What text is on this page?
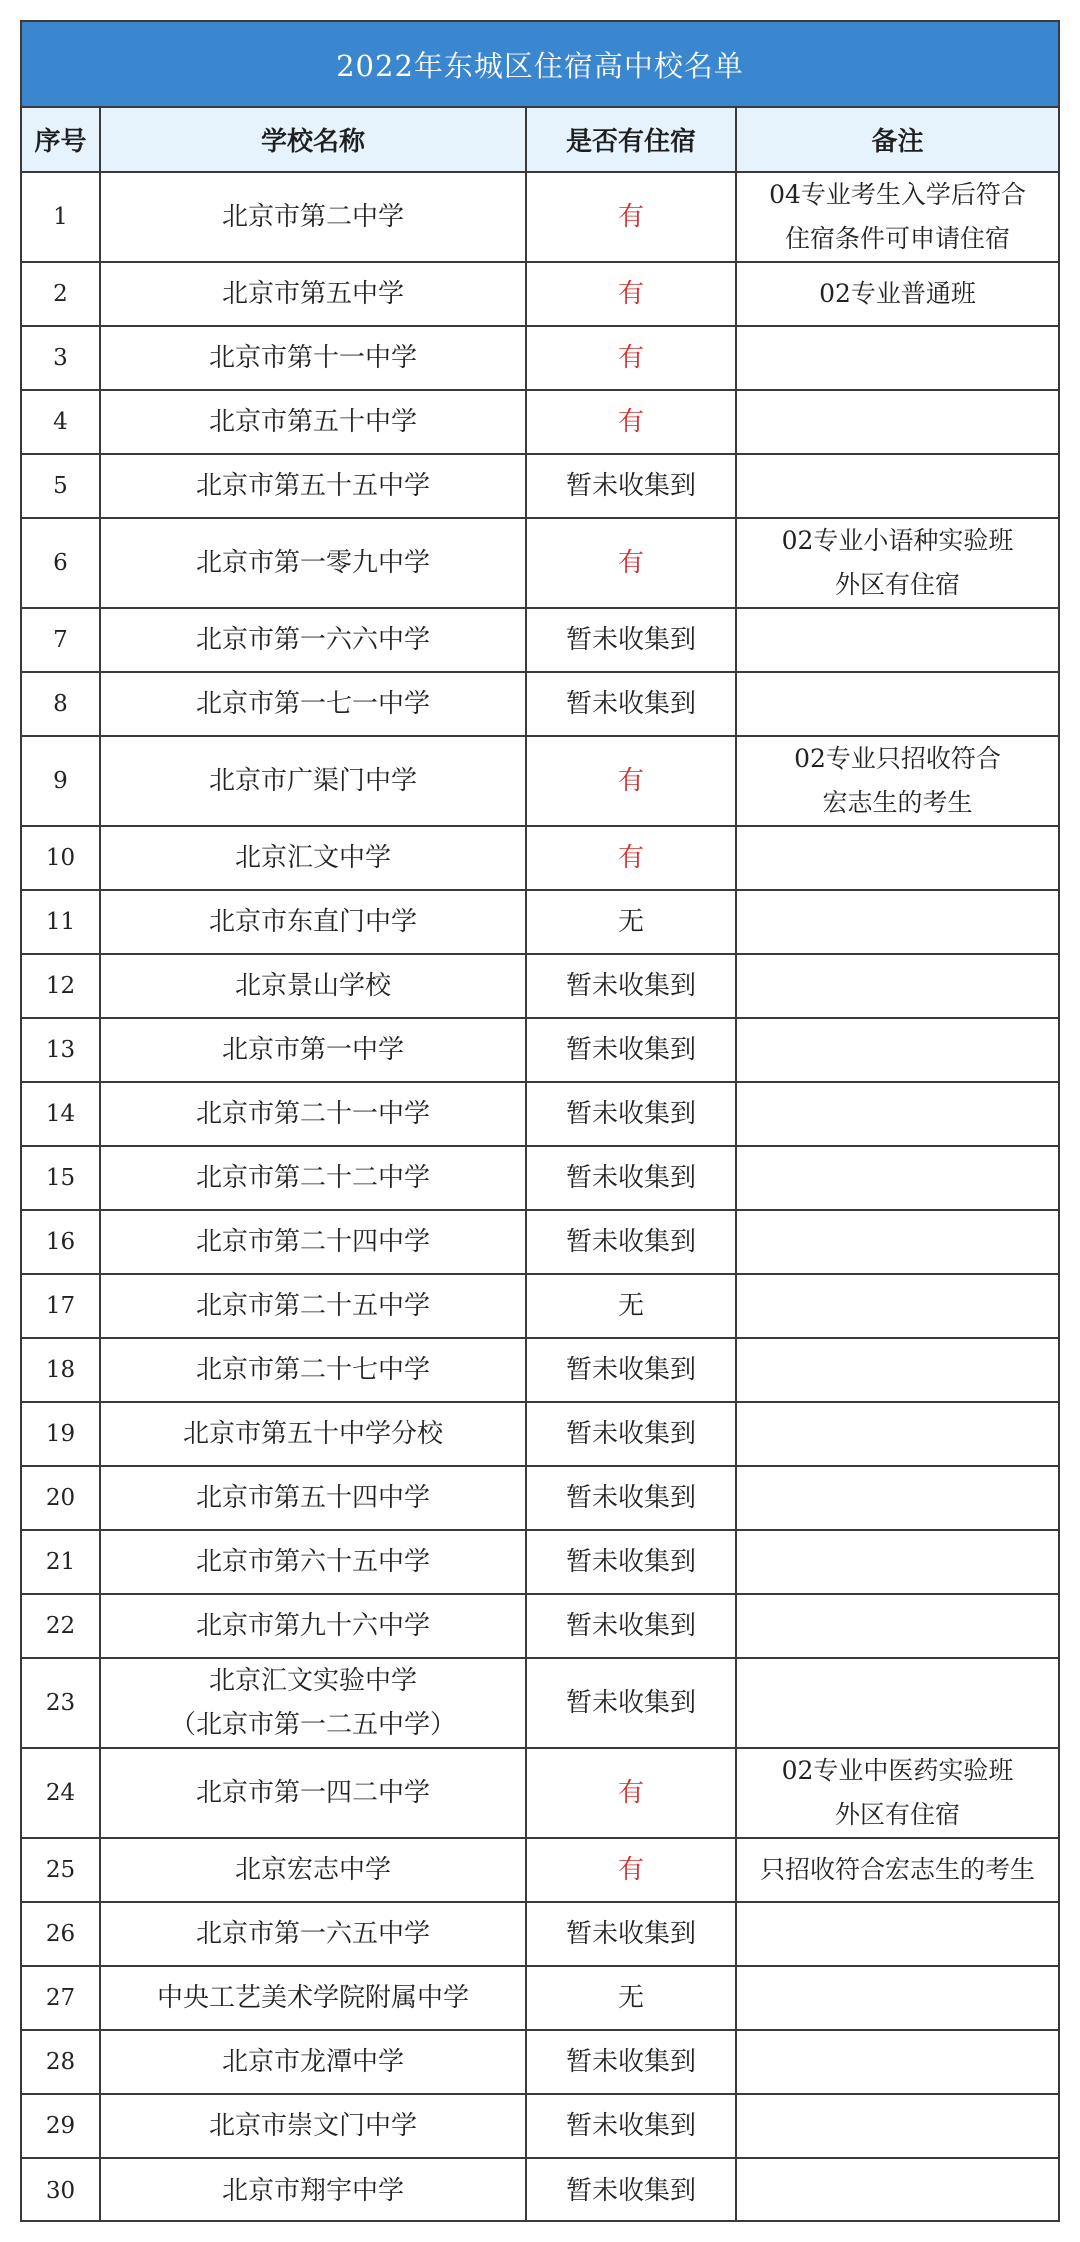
2022年东城区住宿高中校名单
序号	学校名称	是否有住宿	备注
1	北京市第二中学	有	04专业考生入学后符合
住宿条件可申请住宿

2	北京市第五中学	有	02专业普通班

3	北京市第十一中学	有	
4	北京市第五十中学	有	
5	北京市第五十五中学	暂未收集到	
6	北京市第一零九中学	有	02专业小语种实验班
外区有住宿

7	北京市第一六六中学	暂未收集到	
8	北京市第一七一中学	暂未收集到	
9	北京市广渠门中学	有	02专业只招收符合
宏志生的考生

10	北京汇文中学	有	
11	北京市东直门中学	无	
12	北京景山学校	暂未收集到	
13	北京市第一中学	暂未收集到	
14	北京市第二十一中学	暂未收集到	
15	北京市第二十二中学	暂未收集到	
16	北京市第二十四中学	暂未收集到	
17	北京市第二十五中学	无	
18	北京市第二十七中学	暂未收集到	
19	北京市第五十中学分校	暂未收集到	
20	北京市第五十四中学	暂未收集到	
21	北京市第六十五中学	暂未收集到	
22	北京市第九十六中学	暂未收集到	
23	北京汇文实验中学
（北京市第一二五中学）	暂未收集到	
24	北京市第一四二中学	有	02专业中医药实验班
外区有住宿

25	北京宏志中学	有	只招收符合宏志生的考生

26	北京市第一六五中学	暂未收集到	
27	中央工艺美术学院附属中学	无	
28	北京市龙潭中学	暂未收集到	
29	北京市崇文门中学	暂未收集到	
30	北京市翔宇中学	暂未收集到	
